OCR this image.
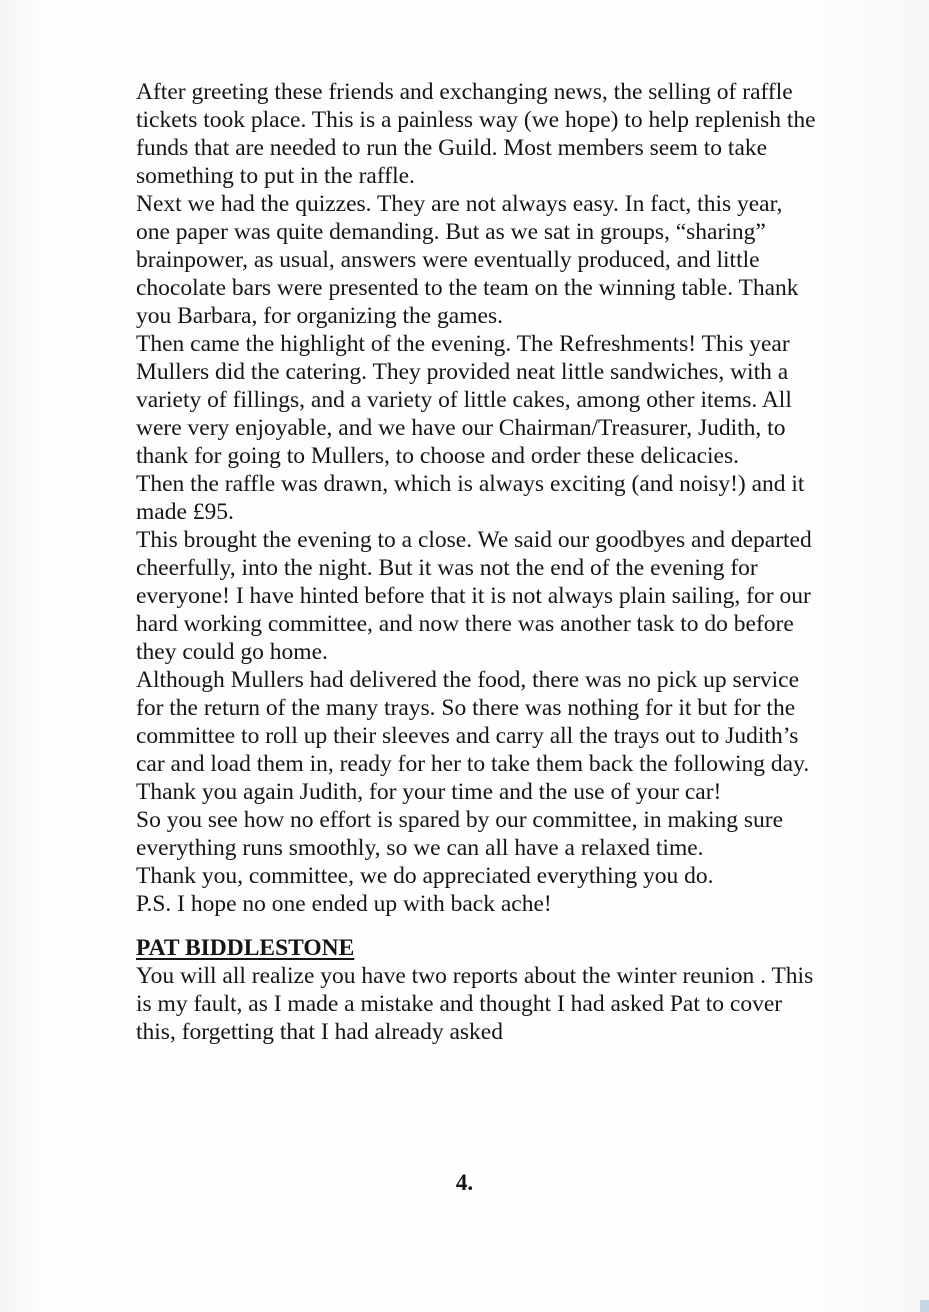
After greeting these friends and exchanging news, the selling of raffle tickets took place. This is a painless way (we hope) to help replenish the funds that are needed to run the Guild. Most members seem to take something to put in the raffle.

Next we had the quizzes. They are not always easy. In fact, this year, one paper was quite demanding. But as we sat in groups, “sharing” brainpower, as usual, answers were eventually produced, and little chocolate bars were presented to the team on the winning table. Thank you Barbara, for organizing the games.

Then came the highlight of the evening. The Refreshments! This year Mullers did the catering. They provided neat little sandwiches, with a variety of fillings, and a variety of little cakes, among other items. All were very enjoyable, and we have our Chairman/Treasurer, Judith, to thank for going to Mullers, to choose and order these delicacies.

Then the raffle was drawn, which is always exciting (and noisy!) and it made £95.

This brought the evening to a close. We said our goodbyes and departed cheerfully, into the night. But it was not the end of the evening for everyone! I have hinted before that it is not always plain sailing, for our hard working committee, and now there was another task to do before they could go home.

Although Mullers had delivered the food, there was no pick up service for the return of the many trays. So there was nothing for it but for the committee to roll up their sleeves and carry all the trays out to Judith’s car and load them in, ready for her to take them back the following day. Thank you again Judith, for your time and the use of your car!

So you see how no effort is spared by our committee, in making sure everything runs smoothly, so we can all have a relaxed time.

Thank you, committee, we do appreciated everything you do.

P.S. I hope no one ended up with back ache!

PAT BIDDLESTONE

You will all realize you have two reports about the winter reunion . This is my fault, as I made a mistake and thought I had asked Pat to cover this, forgetting that I had already asked

4.
